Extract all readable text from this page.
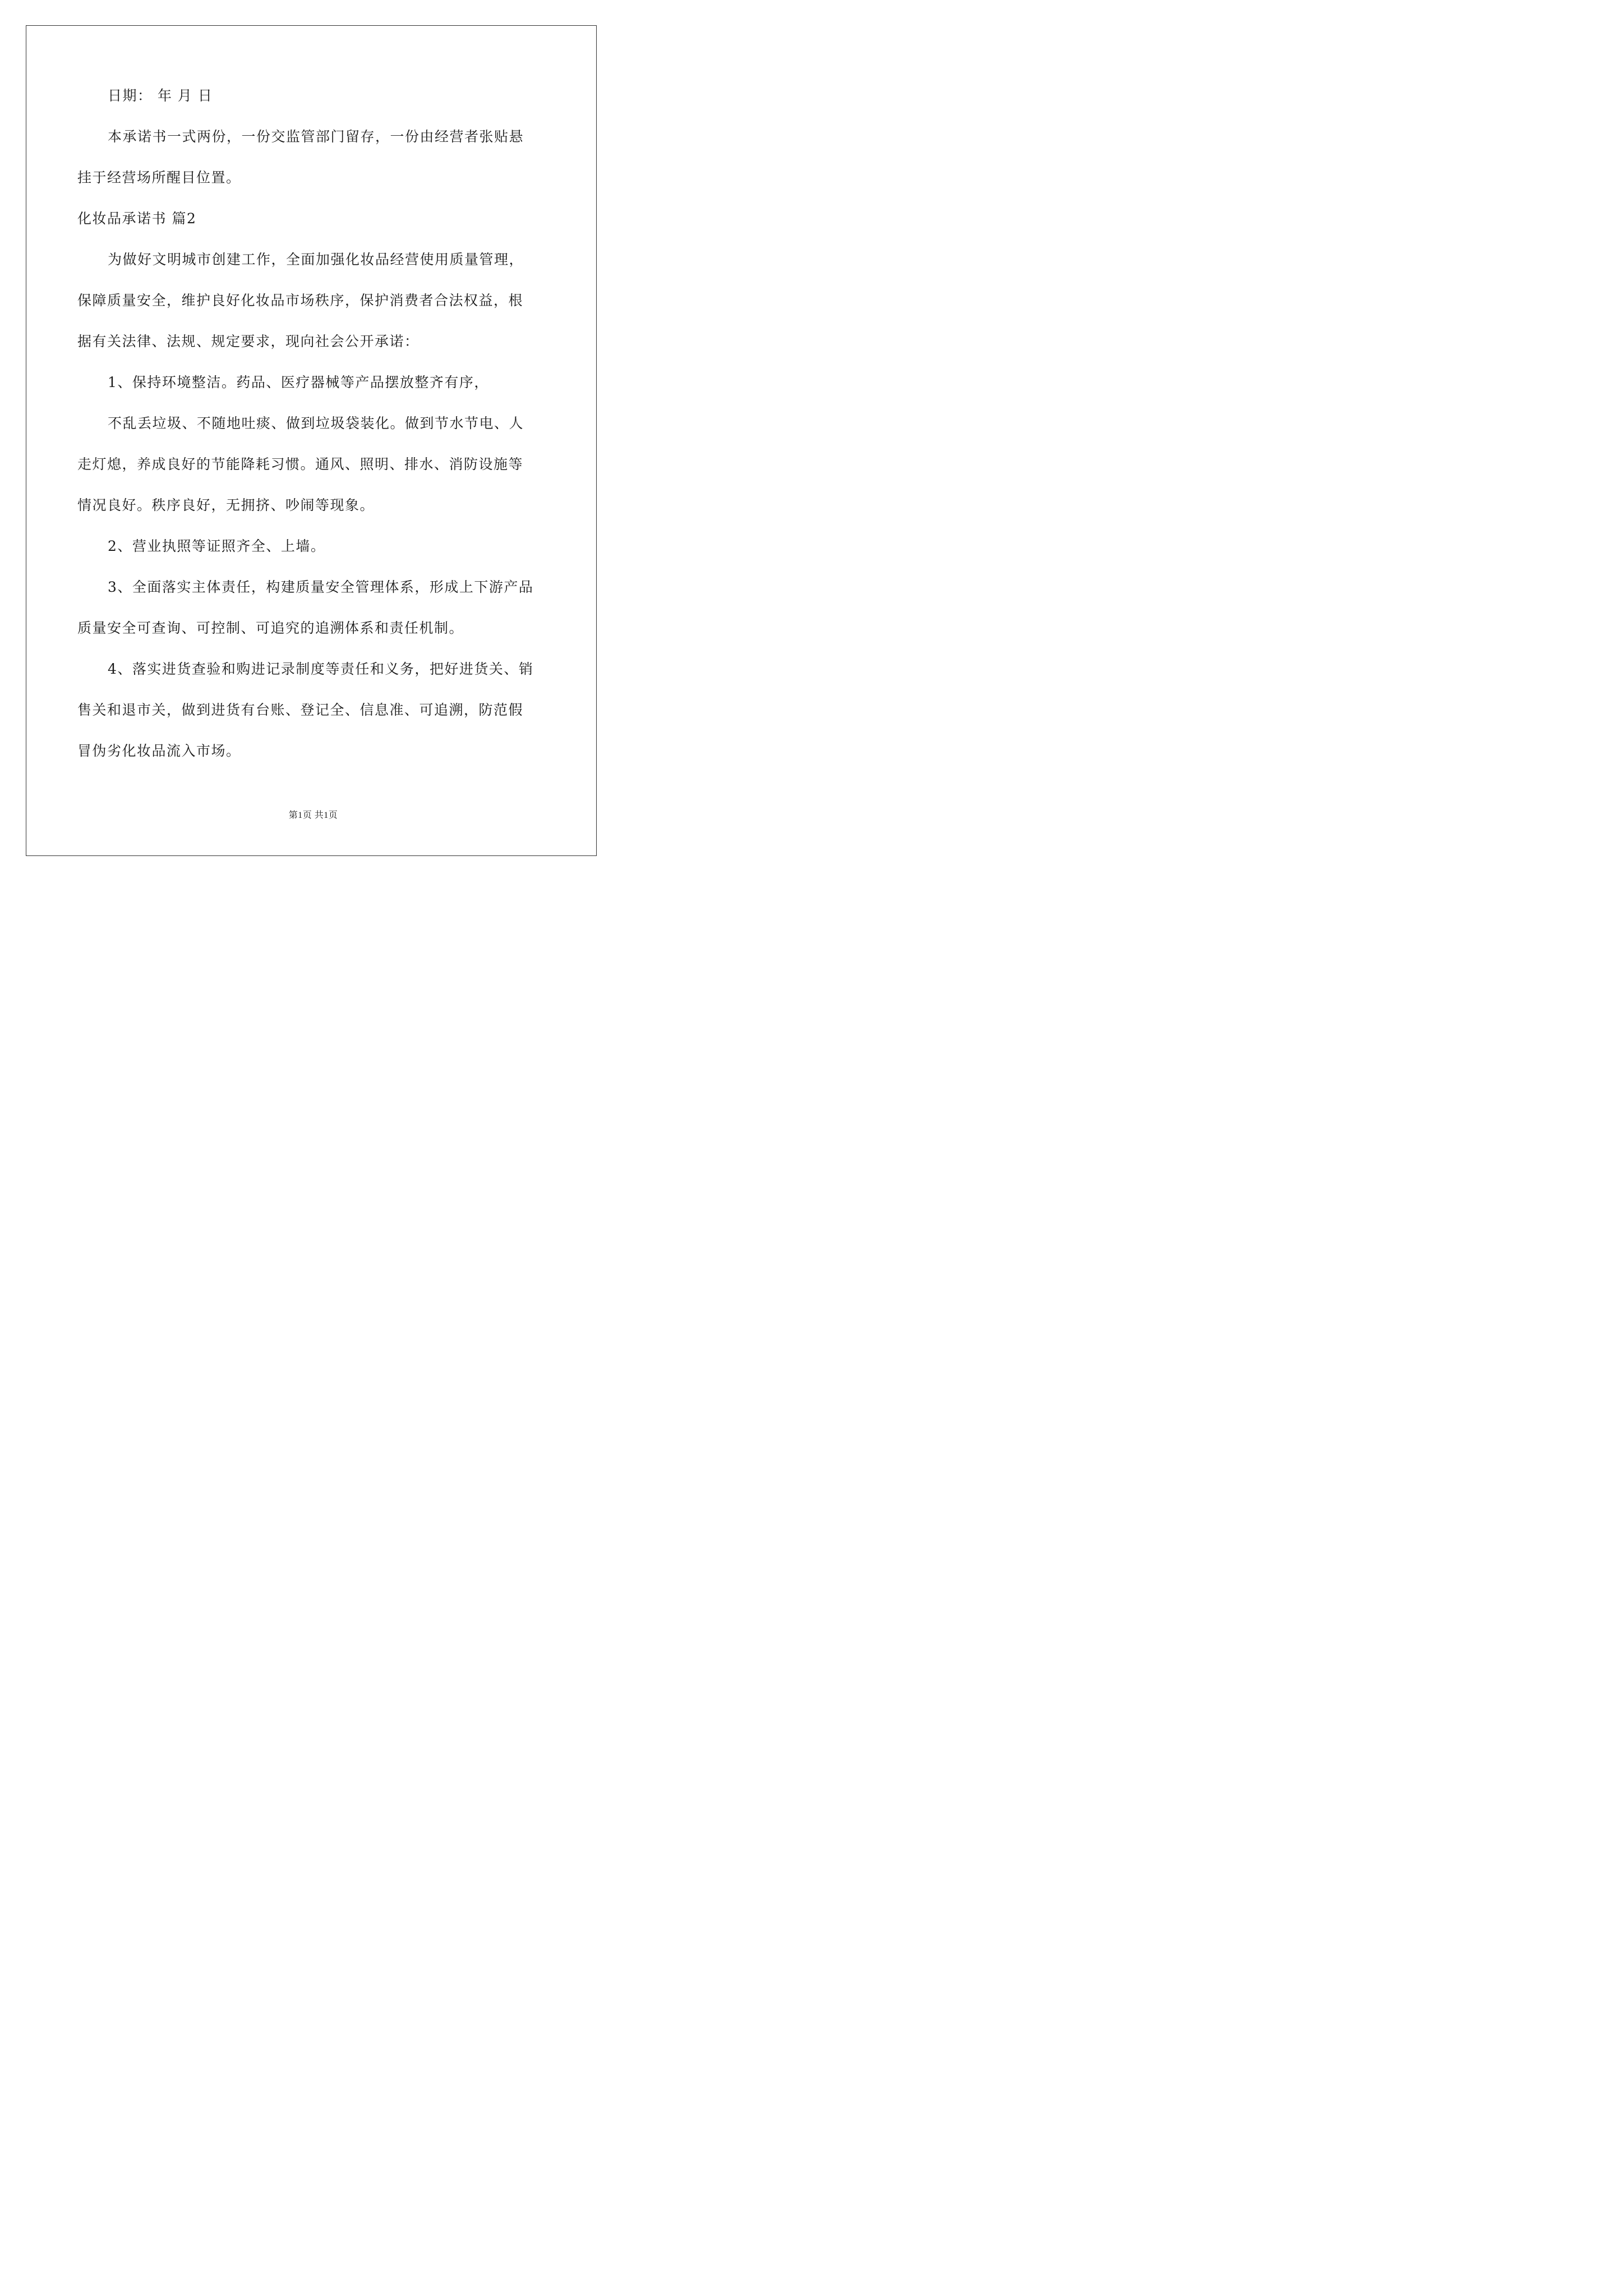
日期： 年 月 日
本承诺书一式两份，一份交监管部门留存，一份由经营者张贴悬
挂于经营场所醒目位置。
化妆品承诺书 篇2
为做好文明城市创建工作，全面加强化妆品经营使用质量管理，
保障质量安全，维护良好化妆品市场秩序，保护消费者合法权益，根
据有关法律、法规、规定要求，现向社会公开承诺：
1、保持环境整洁。药品、医疗器械等产品摆放整齐有序，
不乱丢垃圾、不随地吐痰、做到垃圾袋装化。做到节水节电、人
走灯熄，养成良好的节能降耗习惯。通风、照明、排水、消防设施等
情况良好。秩序良好，无拥挤、吵闹等现象。
2、营业执照等证照齐全、上墙。
3、全面落实主体责任，构建质量安全管理体系，形成上下游产品
质量安全可查询、可控制、可追究的追溯体系和责任机制。
4、落实进货查验和购进记录制度等责任和义务，把好进货关、销
售关和退市关，做到进货有台账、登记全、信息准、可追溯，防范假
冒伪劣化妆品流入市场。
第1页 共1页
